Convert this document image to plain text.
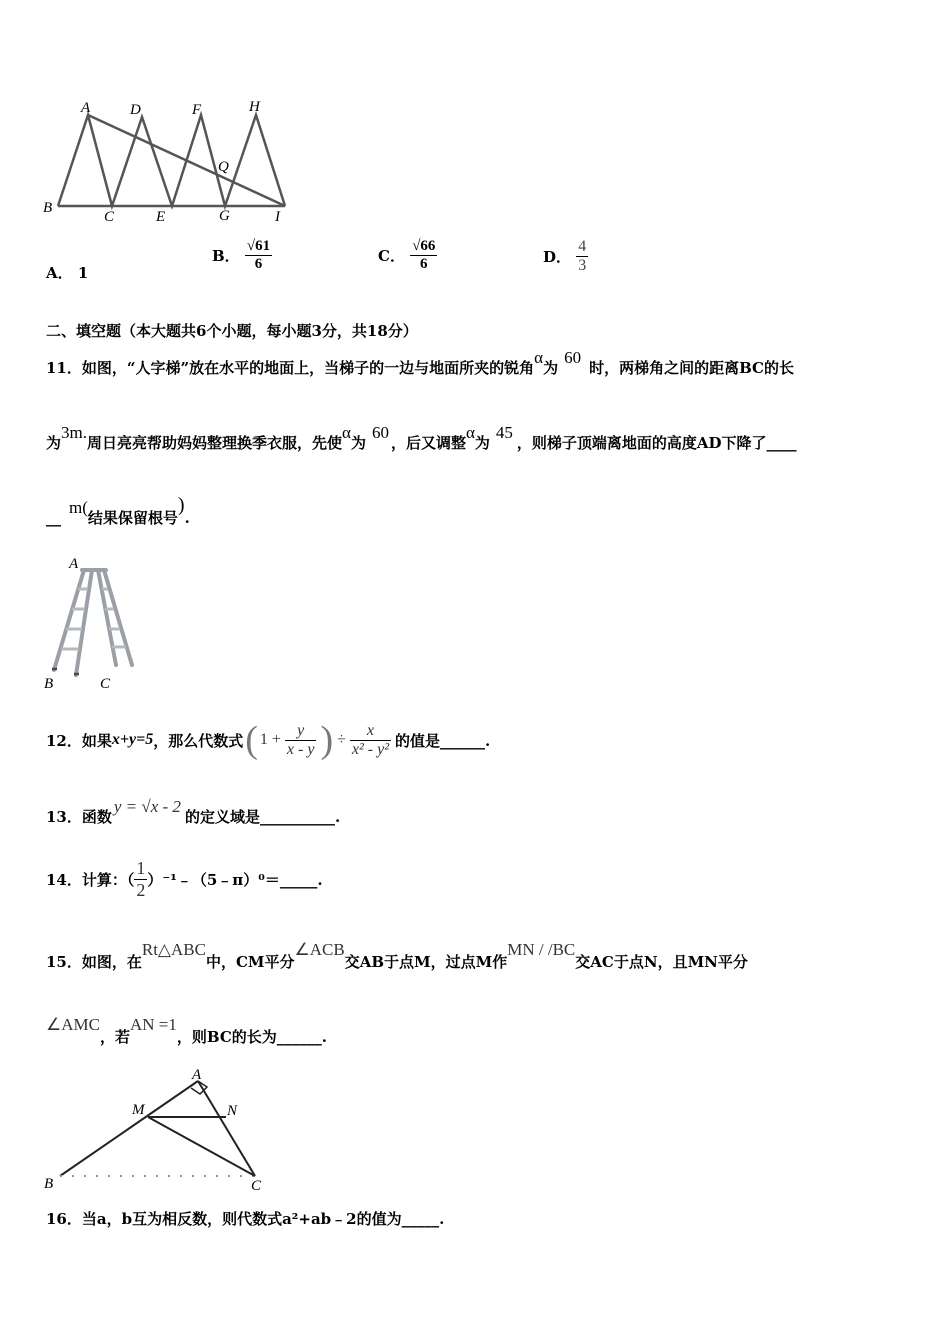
A	D	F	H
Q
B
C	E	G	I
A． 1
B． $\frac{√61}{6}$	C． $\frac{√66}{6}$	D． $\frac{4}{3}$
二、填空题（本大题共6个小题，每小题3分，共18分）
11．如图，“人字梯”放在水平的地面上，当梯子的一边与地面所夹的锐角α为60时，两梯角之间的距离BC的长
为3m.周日亮亮帮助妈妈整理换季衣服，先使α为60，后又调整α为45，则梯子顶端离地面的高度AD下降了____
__m(结果保留根号).
A
B	C
12．如果 x+y=5 ，那么代数式 ( $1 + \frac{y}{x - y}$ ) ÷ $\frac{x}{\text{x² - y²}}$ 的值是______.
13．函数y = √x - 2的定义域是__________.
14．计算：（ $\frac{1}{2}$ ）⁻¹﹣（5﹣π）⁰＝_____.
15．如图，在Rt△ABC中，CM平分∠ACB交AB于点M，过点M作MN / /BC交AC于点N，且MN平分
∠AMC，若AN =1，则BC的长为______.
A
M	N
B	C
16．当a，b互为相反数，则代数式a²+ab﹣2的值为_____.
